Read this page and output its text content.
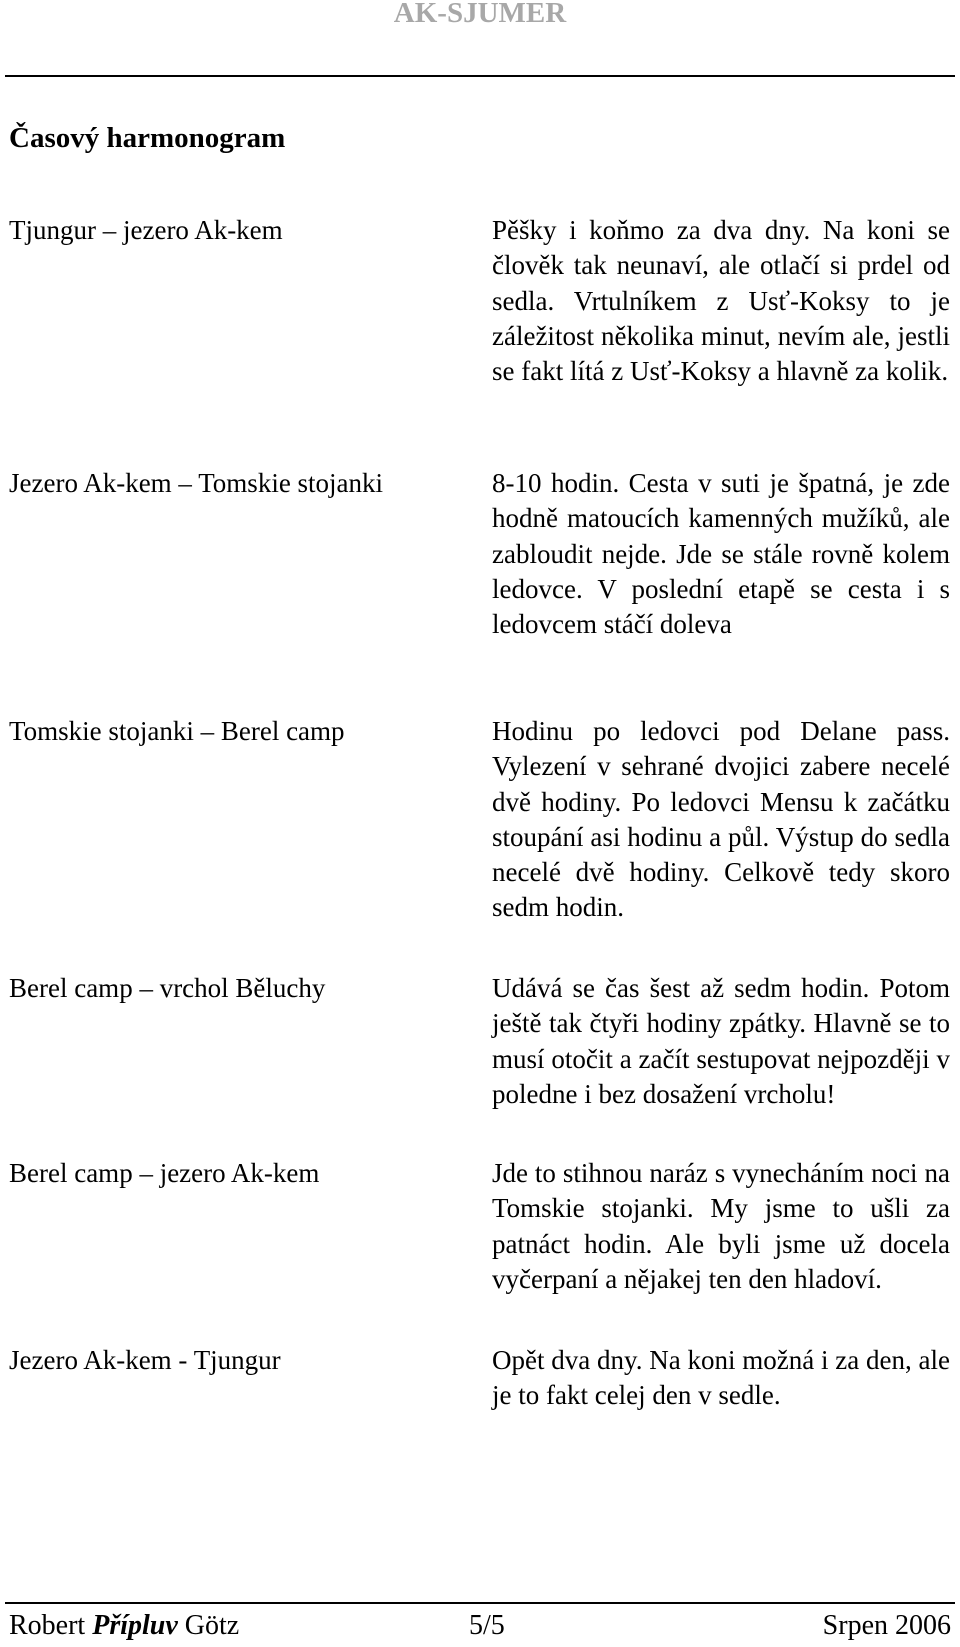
AK-SJUMER
Časový harmonogram
Tjungur – jezero Ak-kem	Pěšky i koňmo za dva dny. Na koni se člověk tak neunaví, ale otlačí si prdel od sedla. Vrtulníkem z Usť-Koksy to je záležitost několika minut, nevím ale, jestli se fakt lítá z Usť-Koksy a hlavně za kolik.
Jezero Ak-kem – Tomskie stojanki	8-10 hodin. Cesta v suti je špatná, je zde hodně matoucích kamenných mužíků, ale zabloudit nejde. Jde se stále rovně kolem ledovce. V poslední etapě se cesta i s ledovcem stáčí doleva
Tomskie stojanki – Berel camp	Hodinu po ledovci pod Delane pass. Vylezení v sehrané dvojici zabere necelé dvě hodiny. Po ledovci Mensu k začátku stoupání asi hodinu a půl. Výstup do sedla necelé dvě hodiny. Celkově tedy skoro sedm hodin.
Berel camp – vrchol Běluchy	Udává se čas šest až sedm hodin. Potom ještě tak čtyři hodiny zpátky. Hlavně se to musí otočit a začít sestupovat nejpozději v poledne i bez dosažení vrcholu!
Berel camp – jezero Ak-kem	Jde to stihnou naráz s vynecháním noci na Tomskie stojanki. My jsme to ušli za patnáct hodin. Ale byli jsme už docela vyčerpaní a nějakej ten den hladoví.
Jezero Ak-kem - Tjungur	Opět dva dny. Na koni možná i za den, ale je to fakt celej den v sedle.
Robert Přípluv Götz	5/5	Srpen 2006
